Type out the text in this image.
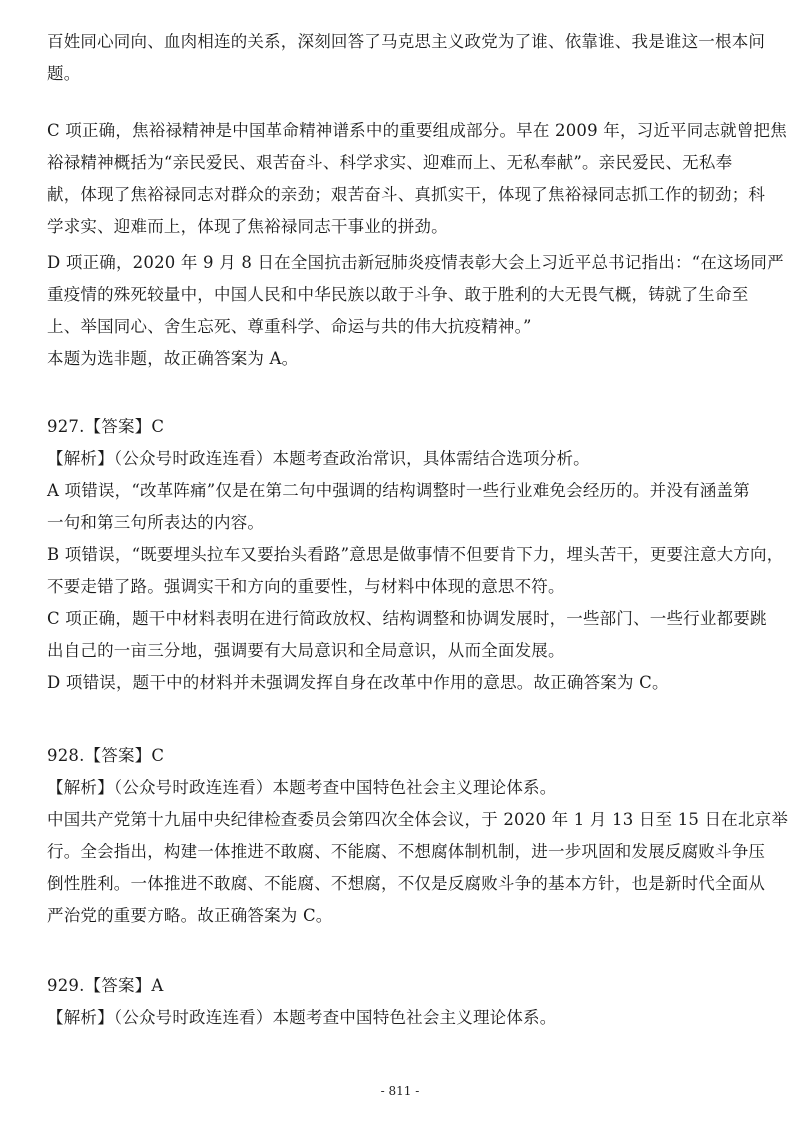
百姓同心同向、血肉相连的关系，深刻回答了马克思主义政党为了谁、依靠谁、我是谁这一根本问
题。
C 项正确，焦裕禄精神是中国革命精神谱系中的重要组成部分。早在 2009 年，习近平同志就曾把焦
裕禄精神概括为“亲民爱民、艰苦奋斗、科学求实、迎难而上、无私奉献”。亲民爱民、无私奉
献，体现了焦裕禄同志对群众的亲劲；艰苦奋斗、真抓实干，体现了焦裕禄同志抓工作的韧劲；科
学求实、迎难而上，体现了焦裕禄同志干事业的拼劲。
D 项正确，2020 年 9 月 8 日在全国抗击新冠肺炎疫情表彰大会上习近平总书记指出：“在这场同严
重疫情的殊死较量中，中国人民和中华民族以敢于斗争、敢于胜利的大无畏气概，铸就了生命至
上、举国同心、舍生忘死、尊重科学、命运与共的伟大抗疫精神。”
本题为选非题，故正确答案为 A。
927.【答案】C
【解析】（公众号时政连连看）本题考查政治常识，具体需结合选项分析。
A 项错误，“改革阵痛”仅是在第二句中强调的结构调整时一些行业难免会经历的。并没有涵盖第
一句和第三句所表达的内容。
B 项错误，“既要埋头拉车又要抬头看路”意思是做事情不但要肯下力，埋头苦干，更要注意大方向，
不要走错了路。强调实干和方向的重要性，与材料中体现的意思不符。
C 项正确，题干中材料表明在进行简政放权、结构调整和协调发展时，一些部门、一些行业都要跳
出自己的一亩三分地，强调要有大局意识和全局意识，从而全面发展。
D 项错误，题干中的材料并未强调发挥自身在改革中作用的意思。故正确答案为 C。
928.【答案】C
【解析】（公众号时政连连看）本题考查中国特色社会主义理论体系。
中国共产党第十九届中央纪律检查委员会第四次全体会议，于 2020 年 1 月 13 日至 15 日在北京举
行。全会指出，构建一体推进不敢腐、不能腐、不想腐体制机制，进一步巩固和发展反腐败斗争压
倒性胜利。一体推进不敢腐、不能腐、不想腐，不仅是反腐败斗争的基本方针，也是新时代全面从
严治党的重要方略。故正确答案为 C。
929.【答案】A
【解析】（公众号时政连连看）本题考查中国特色社会主义理论体系。
- 811 -
